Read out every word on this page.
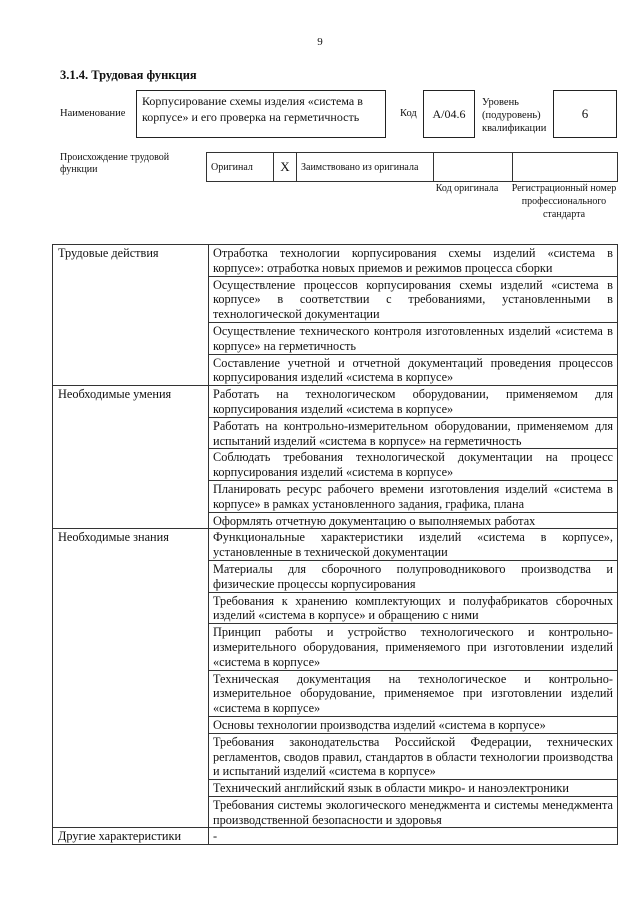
9
3.1.4. Трудовая функция
Наименование
Корпусирование схемы изделия «система в корпусе» и его проверка на герметичность	Код	А/04.6
Уровень (подуровень) квалификации
6
Происхождение трудовой функции	Оригинал	X	Заимствовано из оригинала		
Код оригинала	Регистрационный номер профессионального стандарта
Трудовые действия	Отработка технологии корпусирования схемы изделий «система в корпусе»: отработка новых приемов и режимов процесса сборки
	Осуществление процессов корпусирования схемы изделий «система в корпусе» в соответствии с требованиями, установленными в технологической документации
	Осуществление технического контроля изготовленных изделий «система в корпусе» на герметичность
	Составление учетной и отчетной документаций проведения процессов корпусирования изделий «система в корпусе»
Необходимые умения	Работать на технологическом оборудовании, применяемом для корпусирования изделий «система в корпусе»
	Работать на контрольно-измерительном оборудовании, применяемом для испытаний изделий «система в корпусе» на герметичность
	Соблюдать требования технологической документации на процесс корпусирования изделий «система в корпусе»
	Планировать ресурс рабочего времени изготовления изделий «система в корпусе» в рамках установленного задания, графика, плана
	Оформлять отчетную документацию о выполняемых работах
Необходимые знания	Функциональные характеристики изделий «система в корпусе», установленные в технической документации
	Материалы для сборочного полупроводникового производства и физические процессы корпусирования
	Требования к хранению комплектующих и полуфабрикатов сборочных изделий «система в корпусе» и обращению с ними
	Принцип работы и устройство технологического и контрольно-измерительного оборудования, применяемого при изготовлении изделий «система в корпусе»
	Техническая документация на технологическое и контрольно-измерительное оборудование, применяемое при изготовлении изделий «система в корпусе»
	Основы технологии производства изделий «система в корпусе»
	Требования законодательства Российской Федерации, технических регламентов, сводов правил, стандартов в области технологии производства и испытаний изделий «система в корпусе»
	Технический английский язык в области микро- и наноэлектроники
	Требования системы экологического менеджмента и системы менеджмента производственной безопасности и здоровья
Другие характеристики	-
